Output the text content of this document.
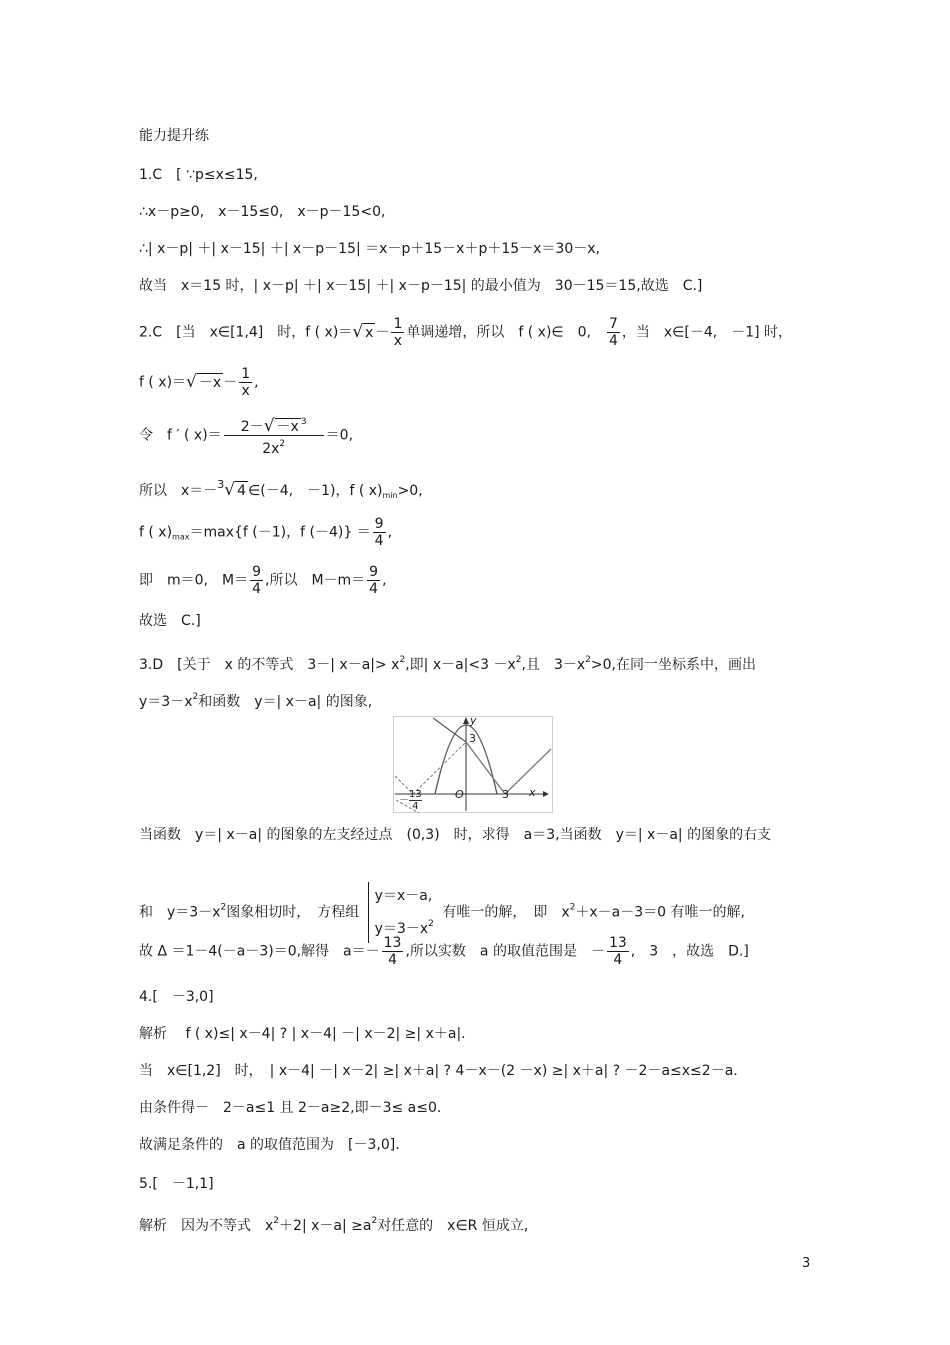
能力提升练
1.C　[ ∵p≤x≤15,
∴x－p≥0,　x－15≤0,　x－p－15<0,
∴| x－p| ＋| x－15| ＋| x－p－15| ＝x－p＋15－x＋p＋15－x＝30－x,
故当　x＝15 时，| x－p| ＋| x－15| ＋| x－p－15| 的最小值为　30－15＝15,故选　C.]
2.C　[当　x∈[1,4]　时，f ( x)＝√ $x - \frac{1}{x}$ 单调递增，所以　f ( x)∈　0,　 $\frac{7}{4}$ ，当　x∈[－4,　－1] 时，
f ( $x)=√ -x - \frac{1}{x}$ ,
令　f ′ ( $x)= \frac{2-√ -x ^3}{2x^2} =0$,
所以　x＝－$^3$√ 4 ∈(－4,　－1)，f ( $x)_{min}>0$,
f ( $x)_{max}=\max\{f$ (－1)，f $(-4)\} = \frac{9}{4}$ ,
即　m＝0,　$M= \frac{9}{4}$ ,所以　$M-m= \frac{9}{4}$ ,
故选　C.]
3.D　[关于　x 的不等式　3－| $x-a|> x^2$,即| $x-a|<3 -x^2$,且　$3-x^2>0$,在同一坐标系中，画出
$y=3-x^2$和函数　y＝| x－a| 的图象,
y
3
O	3 x
－ $\frac{13}{4}$
当函数　y＝| x－a| 的图象的左支经过点　(0,3)　时，求得　a＝3,当函数　y＝| x－a| 的图象的右支
和　$y=3-x^2$图象相切时，　方程组
y＝x－a,
$y=3-x^2$
有唯一的解，　即　$x^2+x-a-3=0$ 有唯一的解,
故 Δ ＝1－4(－a－3)＝0,解得　$a=- \frac{13}{4}$ ,所以实数　a 的取值范围是　－ $\frac{13}{4}$ ,　3　，故选　D.]
4.[　－3,0]
解析　 f ( x)≤| x－4| ? | x－4| －| x－2| ≥| x＋a|.
当　x∈[1,2]　时，　| x－4| －| x－2| ≥| x＋a| ? 4－x－(2 －x) ≥| x＋a| ? －2－a≤x≤2－a.
由条件得－　2－a≤1 且 2－a≥2,即－3≤ a≤0.
故满足条件的　a 的取值范围为　[－3,0].
5.[　－1,1]
解析　因为不等式　$x^2+2|$ $x-a| \ge a^2$对任意的　x∈R 恒成立,
3
